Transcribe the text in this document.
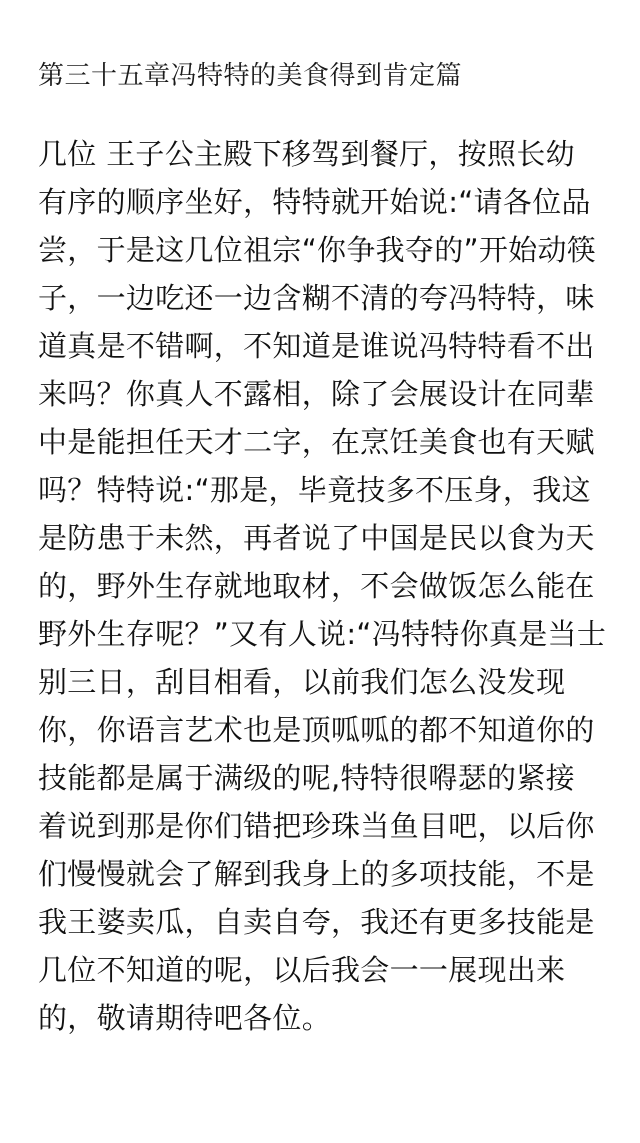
第三十五章冯特特的美食得到肯定篇
几位 王子公主殿下移驾到餐厅，按照长幼
有序的顺序坐好，特特就开始说:“请各位品
尝，于是这几位祖宗“你争我夺的”开始动筷
子，一边吃还一边含糊不清的夸冯特特，味
道真是不错啊，不知道是谁说冯特特看不出
来吗？你真人不露相，除了会展设计在同辈
中是能担任天才二字，在烹饪美食也有天赋
吗？特特说:“那是，毕竟技多不压身，我这
是防患于未然，再者说了中国是民以食为天
的，野外生存就地取材，不会做饭怎么能在
野外生存呢？”又有人说:“冯特特你真是当士
别三日，刮目相看，以前我们怎么没发现
你，你语言艺术也是顶呱呱的都不知道你的
技能都是属于满级的呢,特特很嘚瑟的紧接
着说到那是你们错把珍珠当鱼目吧，以后你
们慢慢就会了解到我身上的多项技能，不是
我王婆卖瓜，自卖自夸，我还有更多技能是
几位不知道的呢，以后我会一一展现出来
的，敬请期待吧各位。
